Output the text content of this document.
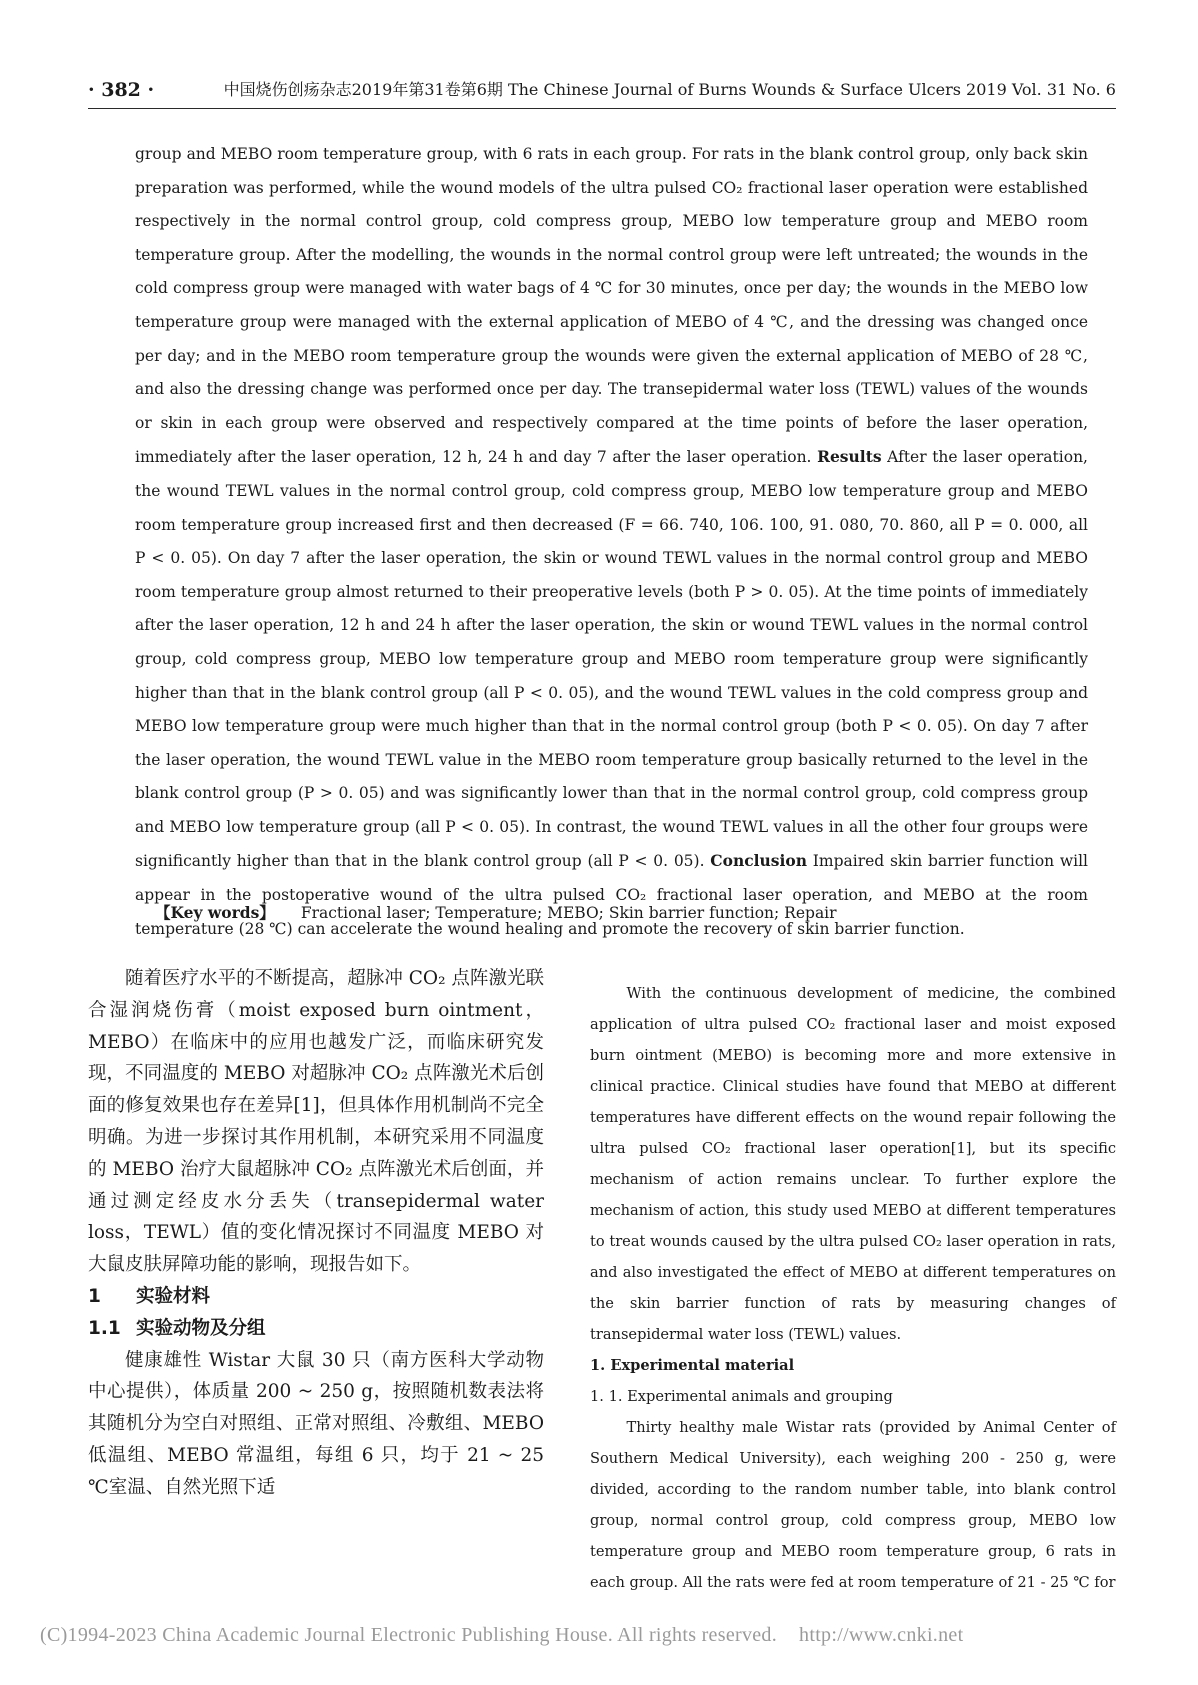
· 382 ·	中国烧伤创疡杂志2019年第31卷第6期 The Chinese Journal of Burns Wounds & Surface Ulcers 2019 Vol. 31 No. 6

group and MEBO room temperature group, with 6 rats in each group. For rats in the blank control group, only back skin preparation was performed, while the wound models of the ultra pulsed CO₂ fractional laser operation were established respectively in the normal control group, cold compress group, MEBO low temperature group and MEBO room temperature group. After the modelling, the wounds in the normal control group were left untreated; the wounds in the cold compress group were managed with water bags of 4 ℃ for 30 minutes, once per day; the wounds in the MEBO low temperature group were managed with the external application of MEBO of 4 ℃, and the dressing was changed once per day; and in the MEBO room temperature group the wounds were given the external application of MEBO of 28 ℃, and also the dressing change was performed once per day. The transepidermal water loss (TEWL) values of the wounds or skin in each group were observed and respectively compared at the time points of before the laser operation, immediately after the laser operation, 12 h, 24 h and day 7 after the laser operation. Results After the laser operation, the wound TEWL values in the normal control group, cold compress group, MEBO low temperature group and MEBO room temperature group increased first and then decreased (F = 66. 740, 106. 100, 91. 080, 70. 860, all P = 0. 000, all P < 0. 05). On day 7 after the laser operation, the skin or wound TEWL values in the normal control group and MEBO room temperature group almost returned to their preoperative levels (both P > 0. 05). At the time points of immediately after the laser operation, 12 h and 24 h after the laser operation, the skin or wound TEWL values in the normal control group, cold compress group, MEBO low temperature group and MEBO room temperature group were significantly higher than that in the blank control group (all P < 0. 05), and the wound TEWL values in the cold compress group and MEBO low temperature group were much higher than that in the normal control group (both P < 0. 05). On day 7 after the laser operation, the wound TEWL value in the MEBO room temperature group basically returned to the level in the blank control group (P > 0. 05) and was significantly lower than that in the normal control group, cold compress group and MEBO low temperature group (all P < 0. 05). In contrast, the wound TEWL values in all the other four groups were significantly higher than that in the blank control group (all P < 0. 05). Conclusion Impaired skin barrier function will appear in the postoperative wound of the ultra pulsed CO₂ fractional laser operation, and MEBO at the room temperature (28 ℃) can accelerate the wound healing and promote the recovery of skin barrier function.

【Key words】 Fractional laser; Temperature; MEBO; Skin barrier function; Repair

随着医疗水平的不断提高，超脉冲 CO₂ 点阵激光联合湿润烧伤膏（moist exposed burn ointment，MEBO）在临床中的应用也越发广泛，而临床研究发现，不同温度的 MEBO 对超脉冲 CO₂ 点阵激光术后创面的修复效果也存在差异[1]，但具体作用机制尚不完全明确。为进一步探讨其作用机制，本研究采用不同温度的 MEBO 治疗大鼠超脉冲 CO₂ 点阵激光术后创面，并通过测定经皮水分丢失（transepidermal water loss，TEWL）值的变化情况探讨不同温度 MEBO 对大鼠皮肤屏障功能的影响，现报告如下。

1 实验材料

1.1 实验动物及分组

健康雄性 Wistar 大鼠 30 只（南方医科大学动物中心提供），体质量 200 ~ 250 g，按照随机数表法将其随机分为空白对照组、正常对照组、冷敷组、MEBO 低温组、MEBO 常温组，每组 6 只，均于 21 ~ 25 ℃室温、自然光照下适

With the continuous development of medicine, the combined application of ultra pulsed CO₂ fractional laser and moist exposed burn ointment (MEBO) is becoming more and more extensive in clinical practice. Clinical studies have found that MEBO at different temperatures have different effects on the wound repair following the ultra pulsed CO₂ fractional laser operation[1], but its specific mechanism of action remains unclear. To further explore the mechanism of action, this study used MEBO at different temperatures to treat wounds caused by the ultra pulsed CO₂ laser operation in rats, and also investigated the effect of MEBO at different temperatures on the skin barrier function of rats by measuring changes of transepidermal water loss (TEWL) values.

1. Experimental material

1. 1. Experimental animals and grouping

Thirty healthy male Wistar rats (provided by Animal Center of Southern Medical University), each weighing 200 - 250 g, were divided, according to the random number table, into blank control group, normal control group, cold compress group, MEBO low temperature group and MEBO room temperature group, 6 rats in each group. All the rats were fed at room temperature of 21 - 25 ℃ for

(C)1994-2023 China Academic Journal Electronic Publishing House. All rights reserved. http://www.cnki.net
